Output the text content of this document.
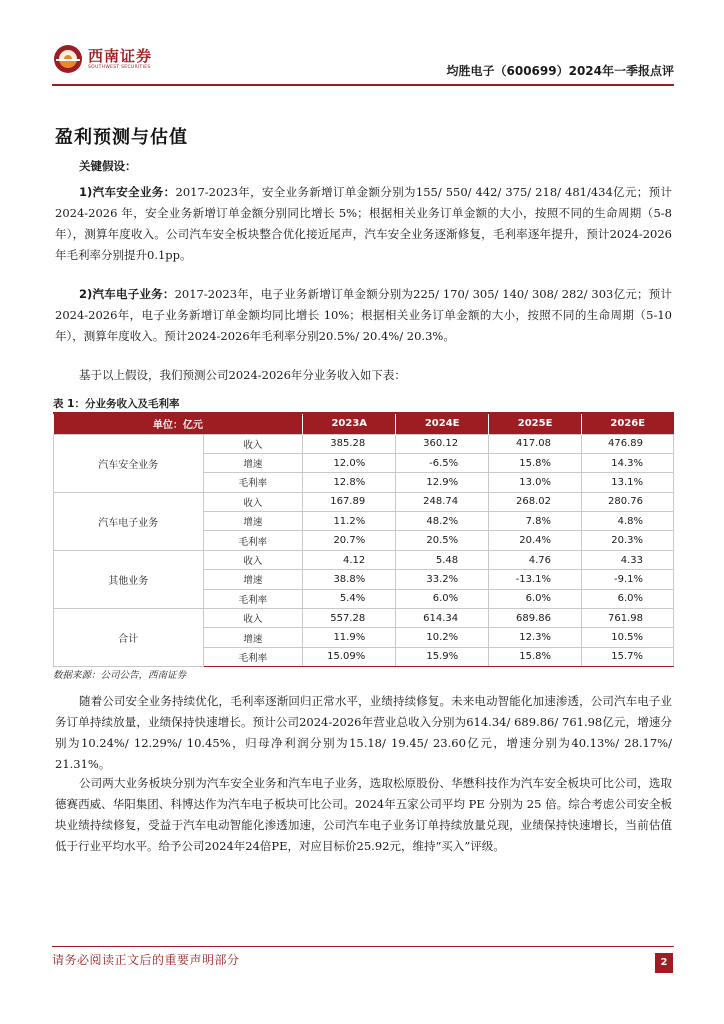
西南证券
SOUTHWEST SECURITIES	均胜电子（600699）2024年一季报点评
盈利预测与估值
关键假设：
1)汽车安全业务：2017-2023年，安全业务新增订单金额分别为155/ 550/ 442/ 375/ 218/ 481/434亿元；预计 2024-2026 年，安全业务新增订单金额分别同比增长 5%；根据相关业务订单金额的大小，按照不同的生命周期（5-8年），测算年度收入。公司汽车安全板块整合优化接近尾声，汽车安全业务逐渐修复，毛利率逐年提升，预计2024-2026年毛利率分别提升0.1pp。
2)汽车电子业务：2017-2023年，电子业务新增订单金额分别为225/ 170/ 305/ 140/ 308/ 282/ 303亿元；预计 2024-2026年，电子业务新增订单金额均同比增长 10%；根据相关业务订单金额的大小，按照不同的生命周期（5-10年），测算年度收入。预计2024-2026年毛利率分别20.5%/ 20.4%/ 20.3%。
基于以上假设，我们预测公司2024-2026年分业务收入如下表：
表 1：分业务收入及毛利率
单位：亿元		2023A	2024E	2025E	2026E
汽车安全业务	收入	385.28	360.12	417.08	476.89
	增速	12.0%	-6.5%	15.8%	14.3%
	毛利率	12.8%	12.9%	13.0%	13.1%
汽车电子业务	收入	167.89	248.74	268.02	280.76
	增速	11.2%	48.2%	7.8%	4.8%
	毛利率	20.7%	20.5%	20.4%	20.3%
其他业务	收入	4.12	5.48	4.76	4.33
	增速	38.8%	33.2%	-13.1%	-9.1%
	毛利率	5.4%	6.0%	6.0%	6.0%
合计	收入	557.28	614.34	689.86	761.98
	增速	11.9%	10.2%	12.3%	10.5%
	毛利率	15.09%	15.9%	15.8%	15.7%
数据来源：公司公告，西南证券
随着公司安全业务持续优化，毛利率逐渐回归正常水平，业绩持续修复。未来电动智能化加速渗透，公司汽车电子业务订单持续放量，业绩保持快速增长。预计公司2024-2026年营业总收入分别为614.34/ 689.86/ 761.98亿元，增速分别为10.24%/ 12.29%/ 10.45%，归母净利润分别为15.18/ 19.45/ 23.60亿元，增速分别为40.13%/ 28.17%/ 21.31%。
公司两大业务板块分别为汽车安全业务和汽车电子业务，选取松原股份、华懋科技作为汽车安全板块可比公司，选取德赛西威、华阳集团、科博达作为汽车电子板块可比公司。2024年五家公司平均 PE 分别为 25 倍。综合考虑公司安全板块业绩持续修复，受益于汽车电动智能化渗透加速，公司汽车电子业务订单持续放量兑现，业绩保持快速增长，当前估值低于行业平均水平。给予公司2024年24倍PE，对应目标价25.92元，维持“买入”评级。
请务必阅读正文后的重要声明部分	2
